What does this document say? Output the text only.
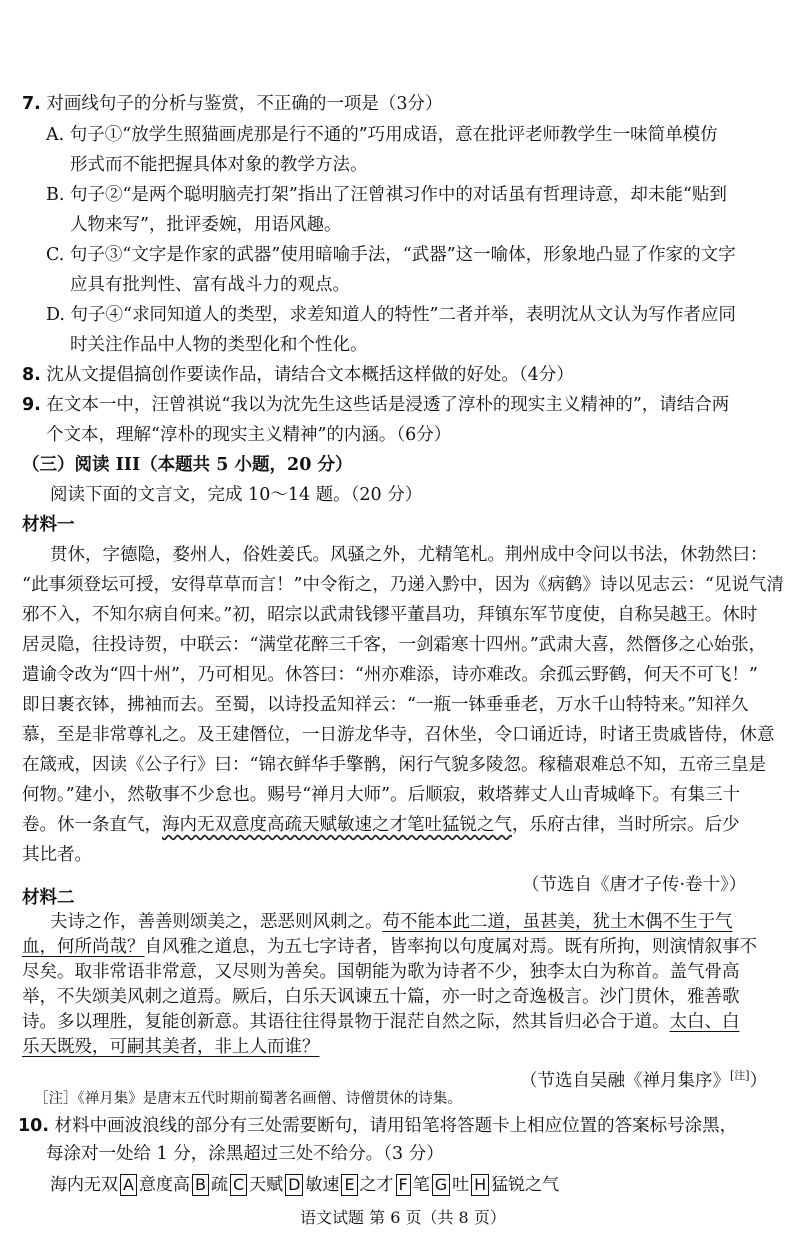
7. 对画线句子的分析与鉴赏，不正确的一项是（3分）
A. 句子①“放学生照猫画虎那是行不通的”巧用成语，意在批评老师教学生一味简单模仿
形式而不能把握具体对象的教学方法。
B. 句子②“是两个聪明脑壳打架”指出了汪曾祺习作中的对话虽有哲理诗意，却未能“贴到
人物来写”，批评委婉，用语风趣。
C. 句子③“文字是作家的武器”使用暗喻手法，“武器”这一喻体，形象地凸显了作家的文字
应具有批判性、富有战斗力的观点。
D. 句子④“求同知道人的类型，求差知道人的特性”二者并举，表明沈从文认为写作者应同
时关注作品中人物的类型化和个性化。
8. 沈从文提倡搞创作要读作品，请结合文本概括这样做的好处。（4分）
9. 在文本一中，汪曾祺说“我以为沈先生这些话是浸透了淳朴的现实主义精神的”，请结合两
个文本，理解“淳朴的现实主义精神”的内涵。（6分）
（三）阅读 III（本题共 5 小题，20 分）
阅读下面的文言文，完成 10～14 题。（20 分）
材料一
贯休，字德隐，婺州人，俗姓姜氏。风骚之外，尤精笔札。荆州成中令问以书法，休勃然曰：
“此事须登坛可授，安得草草而言！”中令衔之，乃递入黔中，因为《病鹤》诗以见志云：“见说气清
邪不入，不知尔病自何来。”初，昭宗以武肃钱镠平董昌功，拜镇东军节度使，自称吴越王。休时
居灵隐，往投诗贺，中联云：“满堂花醉三千客，一剑霜寒十四州。”武肃大喜，然僭侈之心始张，
遣谕令改为“四十州”，乃可相见。休答曰：“州亦难添，诗亦难改。余孤云野鹤，何天不可飞！”
即日裹衣钵，拂袖而去。至蜀，以诗投孟知祥云：“一瓶一钵垂垂老，万水千山特特来。”知祥久
慕，至是非常尊礼之。及王建僭位，一日游龙华寺，召休坐，令口诵近诗，时诸王贵戚皆侍，休意
在箴戒，因读《公子行》曰：“锦衣鲜华手擎鹘，闲行气貌多陵忽。稼穑艰难总不知，五帝三皇是
何物。”建小，然敬事不少怠也。赐号“禅月大师”。后顺寂，敕塔葬丈人山青城峰下。有集三十
卷。休一条直气，海内无双意度高疏天赋敏速之才笔吐猛锐之气，乐府古律，当时所宗。后少
其比者。
（节选自《唐才子传·卷十》）
材料二
夫诗之作，善善则颂美之，恶恶则风刺之。苟不能本此二道，虽甚美，犹土木偶不生于气
血，何所尚哉？自风雅之道息，为五七字诗者，皆率拘以句度属对焉。既有所拘，则演情叙事不
尽矣。取非常语非常意，又尽则为善矣。国朝能为歌为诗者不少，独李太白为称首。盖气骨高
举，不失颂美风刺之道焉。厥后，白乐天讽谏五十篇，亦一时之奇逸极言。沙门贯休，雅善歌
诗。多以理胜，复能创新意。其语往往得景物于混茫自然之际，然其旨归必合于道。太白、白
乐天既殁，可嗣其美者，非上人而谁？
（节选自吴融《禅月集序》[注]）
［注］《禅月集》是唐末五代时期前蜀著名画僧、诗僧贯休的诗集。
10. 材料中画波浪线的部分有三处需要断句，请用铅笔将答题卡上相应位置的答案标号涂黑，
每涂对一处给 1 分，涂黑超过三处不给分。（3 分）
海内无双 A 意度高 B 疏 C 天赋 D 敏速 E 之才 F 笔 G 吐 H 猛锐之气
语文试题 第 6 页（共 8 页）
